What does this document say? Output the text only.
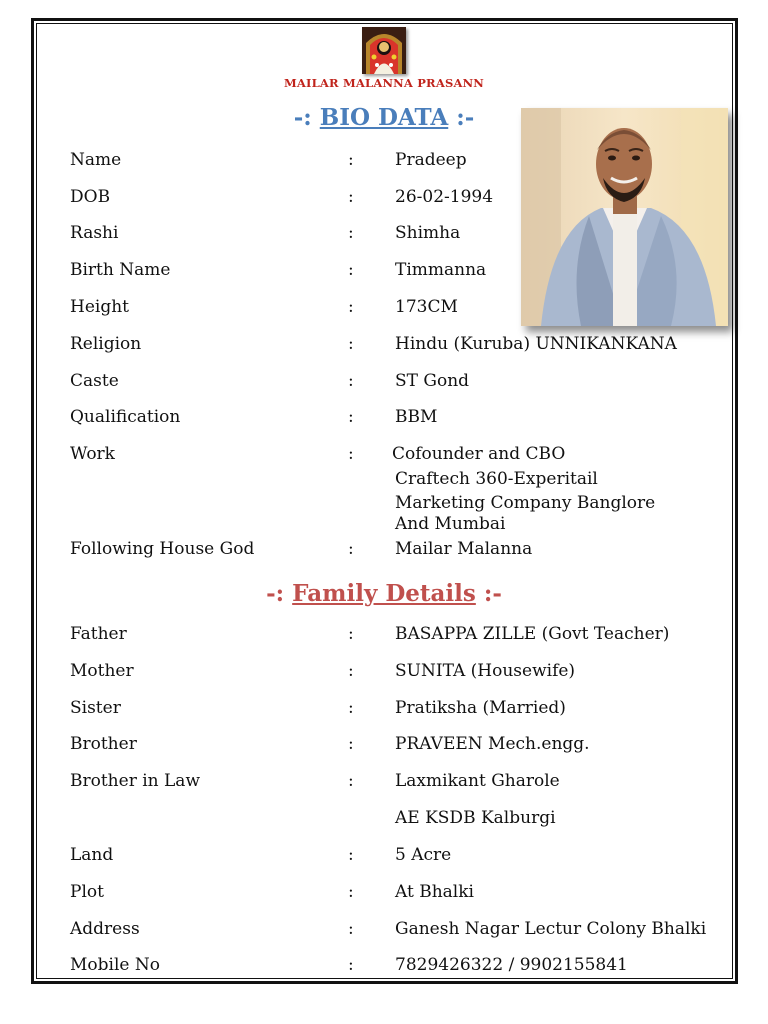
MAILAR MALANNA PRASANN
-: BIO DATA :-
Name	: Pradeep
DOB	: 26-02-1994
Rashi	: Shimha
Birth Name	: Timmanna
Height	: 173CM
Religion	: Hindu (Kuruba) UNNIKANKANA
Caste	: ST Gond
Qualification	: BBM
Work	: Cofounder and CBO
Craftech 360-Experitail
Marketing Company Banglore
And Mumbai
Following House God	: Mailar Malanna
-: Family Details :-
Father	: BASAPPA ZILLE (Govt Teacher)
Mother	: SUNITA (Housewife)
Sister	: Pratiksha (Married)
Brother	: PRAVEEN Mech.engg.
Brother in Law	: Laxmikant Gharole
AE KSDB Kalburgi
Land	: 5 Acre
Plot	: At Bhalki
Address	: Ganesh Nagar Lectur Colony Bhalki
Mobile No	: 7829426322 / 9902155841
